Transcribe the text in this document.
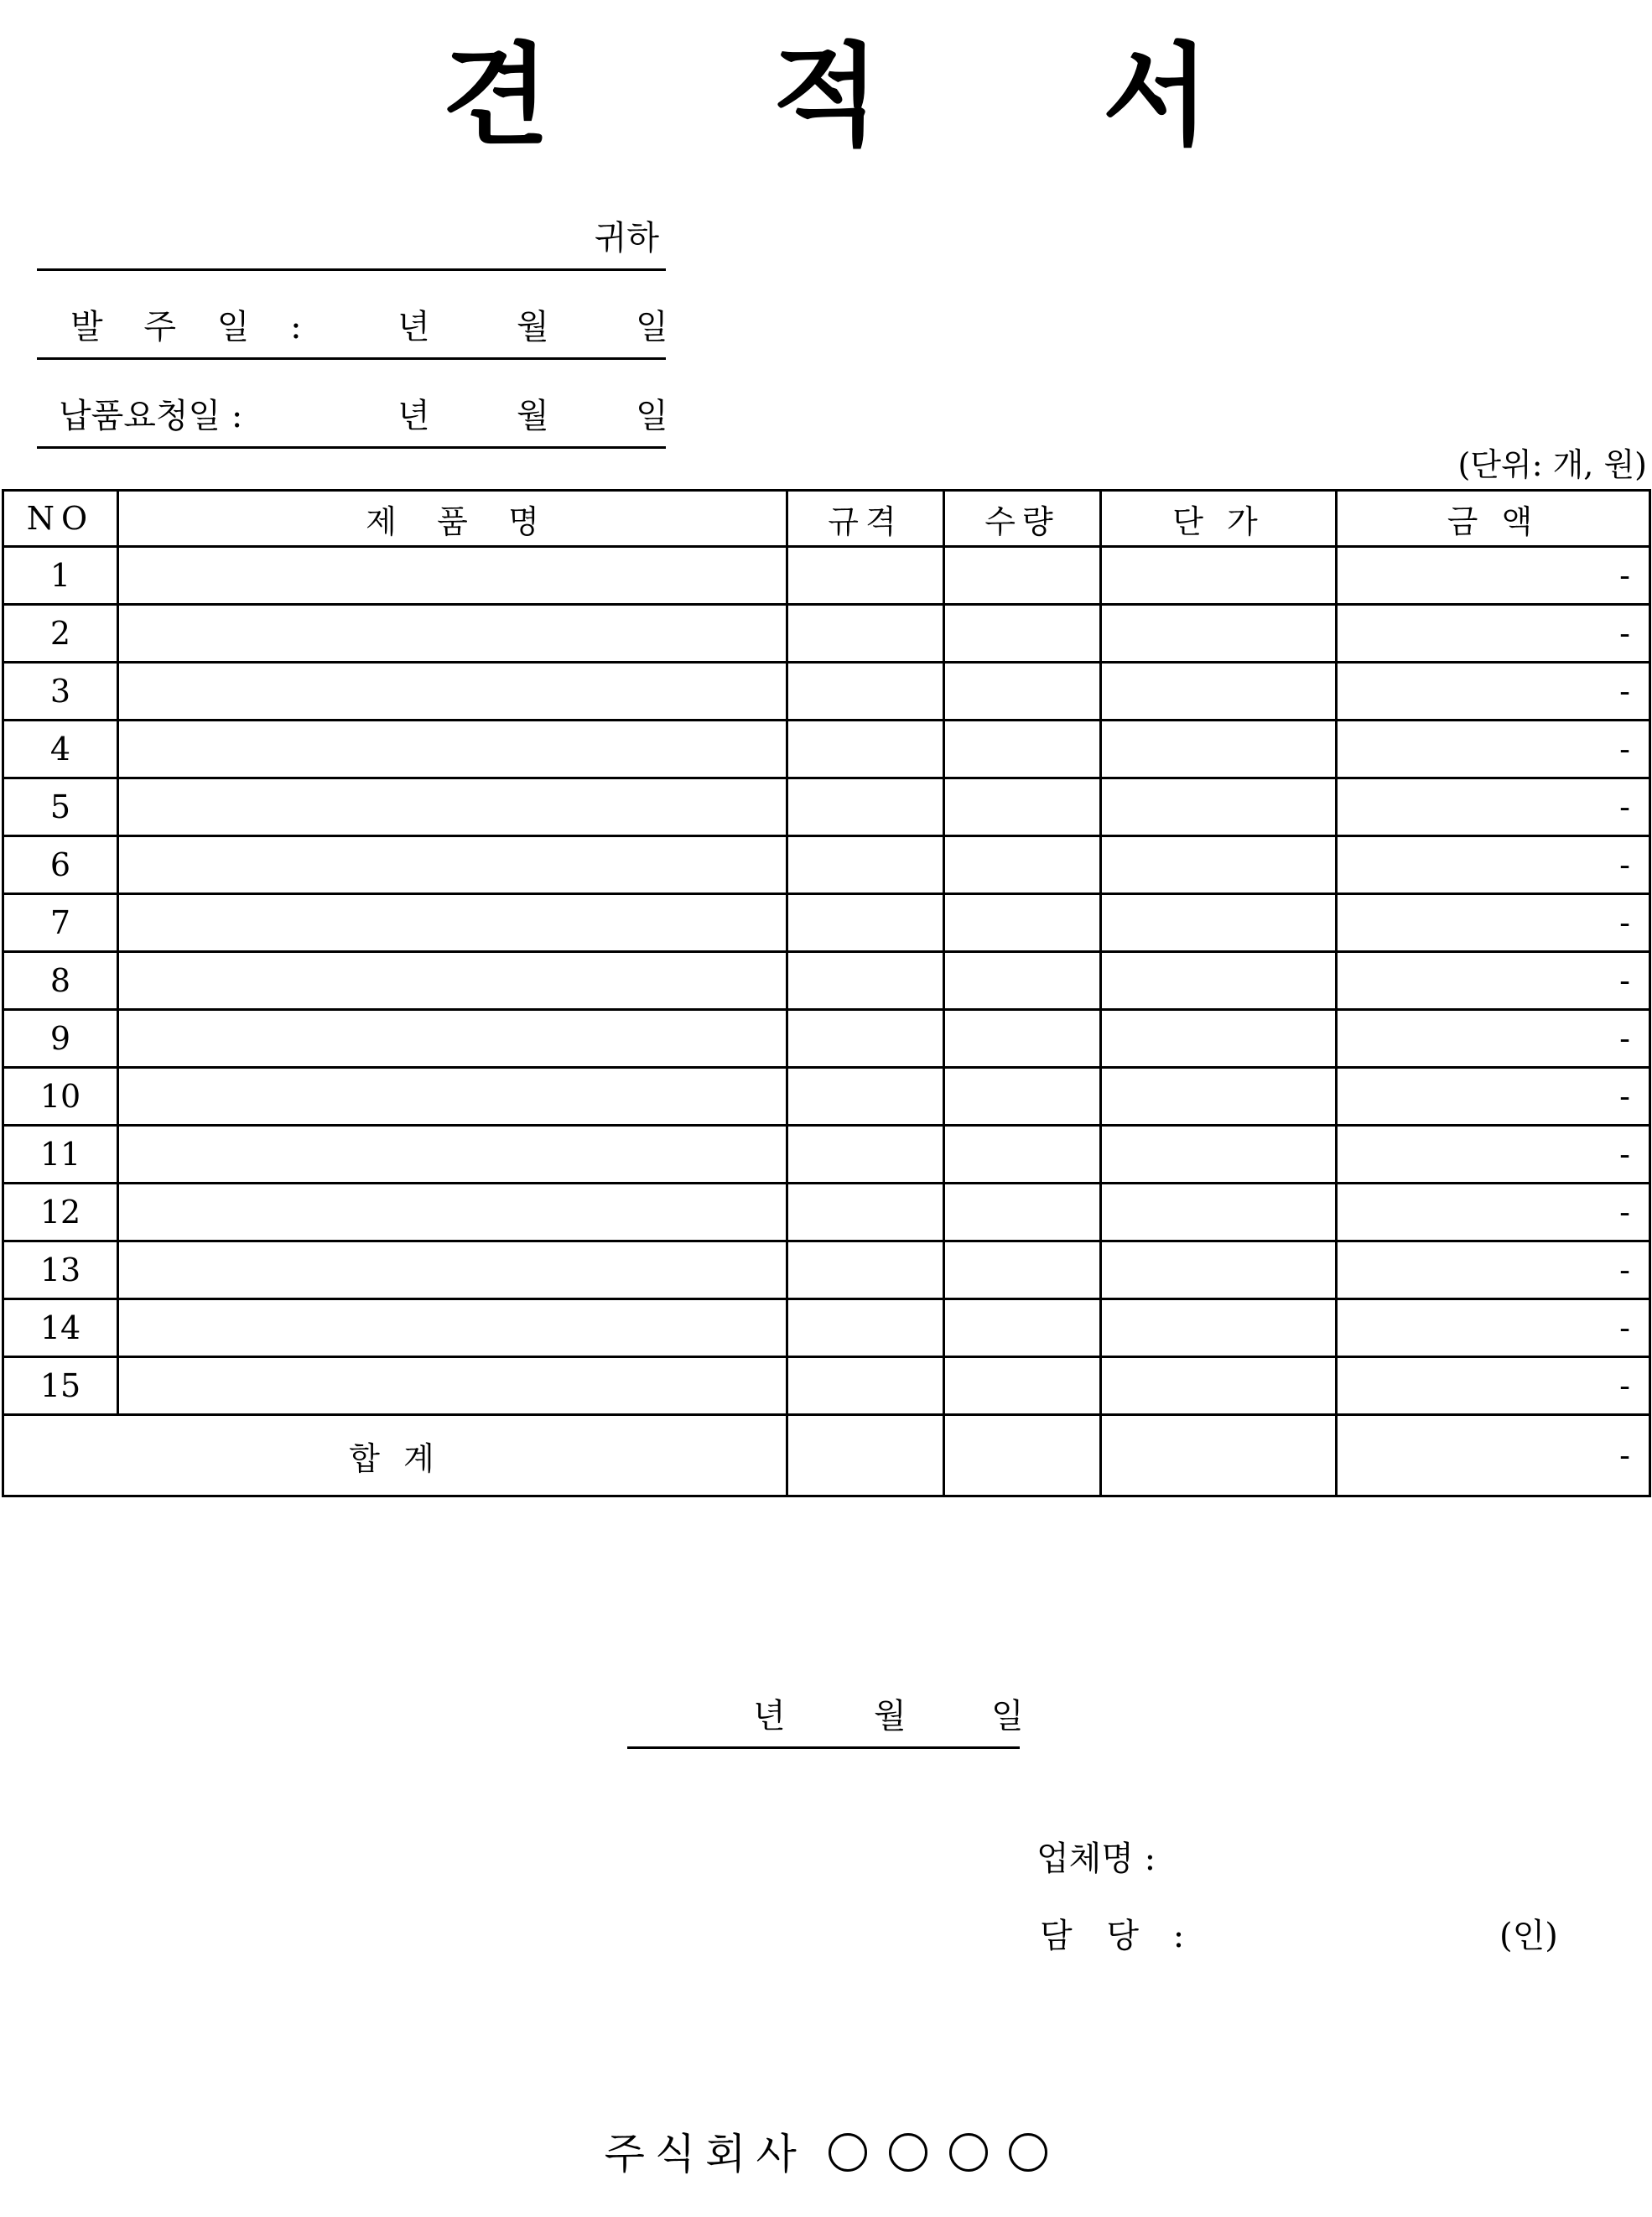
견 적 서
귀하
발 주 일 : 년	월	일
납품요청일 :	년	월	일
(단위: 개, 원)
NO	제    품    명	규격	수량	단 가	금 액
1					-
2					-
3					-
4					-
5					-
6					-
7					-
8					-
9					-
10					-
11					-
12					-
13					-
14					-
15					-
합 계					-
년	월	일
업체명 :
담 당 :	(인)
주식회사
